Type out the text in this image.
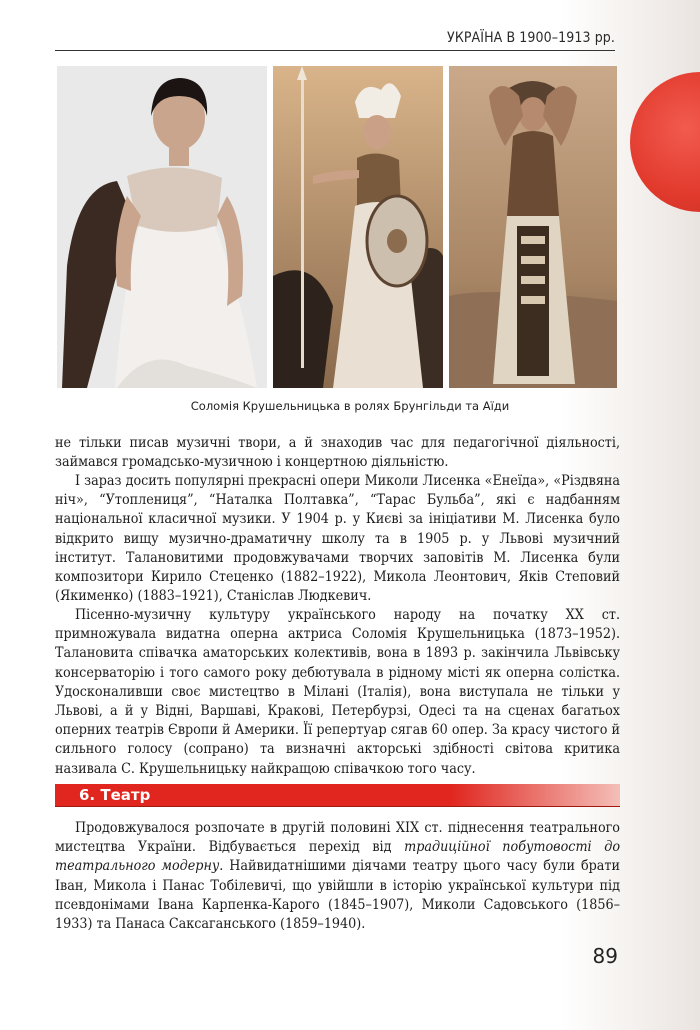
УКРАЇНА В 1900–1913 рр.
Соломія Крушельницька в ролях Брунгільди та Аїди

не тільки писав музичні твори, а й знаходив час для педагогічної діяльності, займався громадсько-музичною і концертною діяльністю.

І зараз досить популярні прекрасні опери Миколи Лисенка «Енеїда», «Різдвяна ніч», “Утоплениця”, “Наталка Полтавка”, “Тарас Бульба”, які є надбанням національної класичної музики. У 1904 р. у Києві за ініціативи М. Лисенка було відкрито вищу музично-драматичну школу та в 1905 р. у Львові музичний інститут. Талановитими продовжувачами творчих заповітів М. Лисенка були композитори Кирило Стеценко (1882–1922), Микола Леонтович, Яків Степовий (Якименко) (1883–1921), Станіслав Людкевич.

Пісенно-музичну культуру українського народу на початку ХХ ст. примножувала видатна оперна актриса Соломія Крушельницька (1873–1952). Талановита співачка аматорських колективів, вона в 1893 р. закінчила Львівську консерваторію і того самого року дебютувала в рідному місті як оперна солістка. Удосконаливши своє мистецтво в Мілані (Італія), вона виступала не тільки у Львові, а й у Відні, Варшаві, Кракові, Петербурзі, Одесі та на сценах багатьох оперних театрів Європи й Америки. Її репертуар сягав 60 опер. За красу чистого й сильного голосу (сопрано) та визначні акторські здібності світова критика називала С. Крушельницьку найкращою співачкою того часу.

6. Театр

Продовжувалося розпочате в другій половині ХІХ ст. піднесення театрального мистецтва України. Відбувається перехід від традиційної побутовості до театрального модерну. Найвидатнішими діячами театру цього часу були брати Іван, Микола і Панас Тобілевичі, що увійшли в історію української культури під псевдонімами Івана Карпенка-Карого (1845–1907), Миколи Садовського (1856–1933) та Панаса Саксаганського (1859–1940).

89
